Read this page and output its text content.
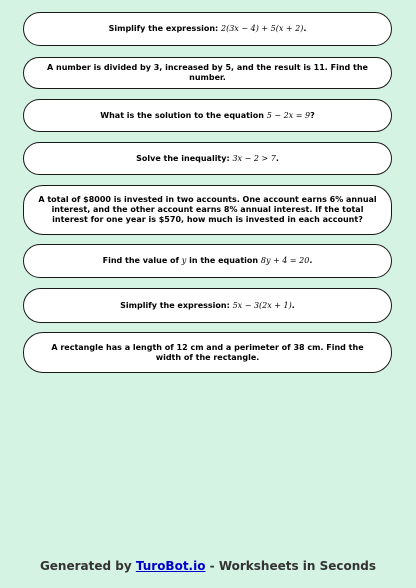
Simplify the expression: 2(3x − 4) + 5(x + 2).
A number is divided by 3, increased by 5, and the result is 11. Find the number.
What is the solution to the equation 5 − 2x = 9?
Solve the inequality: 3x − 2 > 7.
A total of $8000 is invested in two accounts. One account earns 6% annual interest, and the other account earns 8% annual interest. If the total interest for one year is $570, how much is invested in each account?
Find the value of y in the equation 8y + 4 = 20.
Simplify the expression: 5x − 3(2x + 1).
A rectangle has a length of 12 cm and a perimeter of 38 cm. Find the width of the rectangle.
Generated by TuroBot.io - Worksheets in Seconds
